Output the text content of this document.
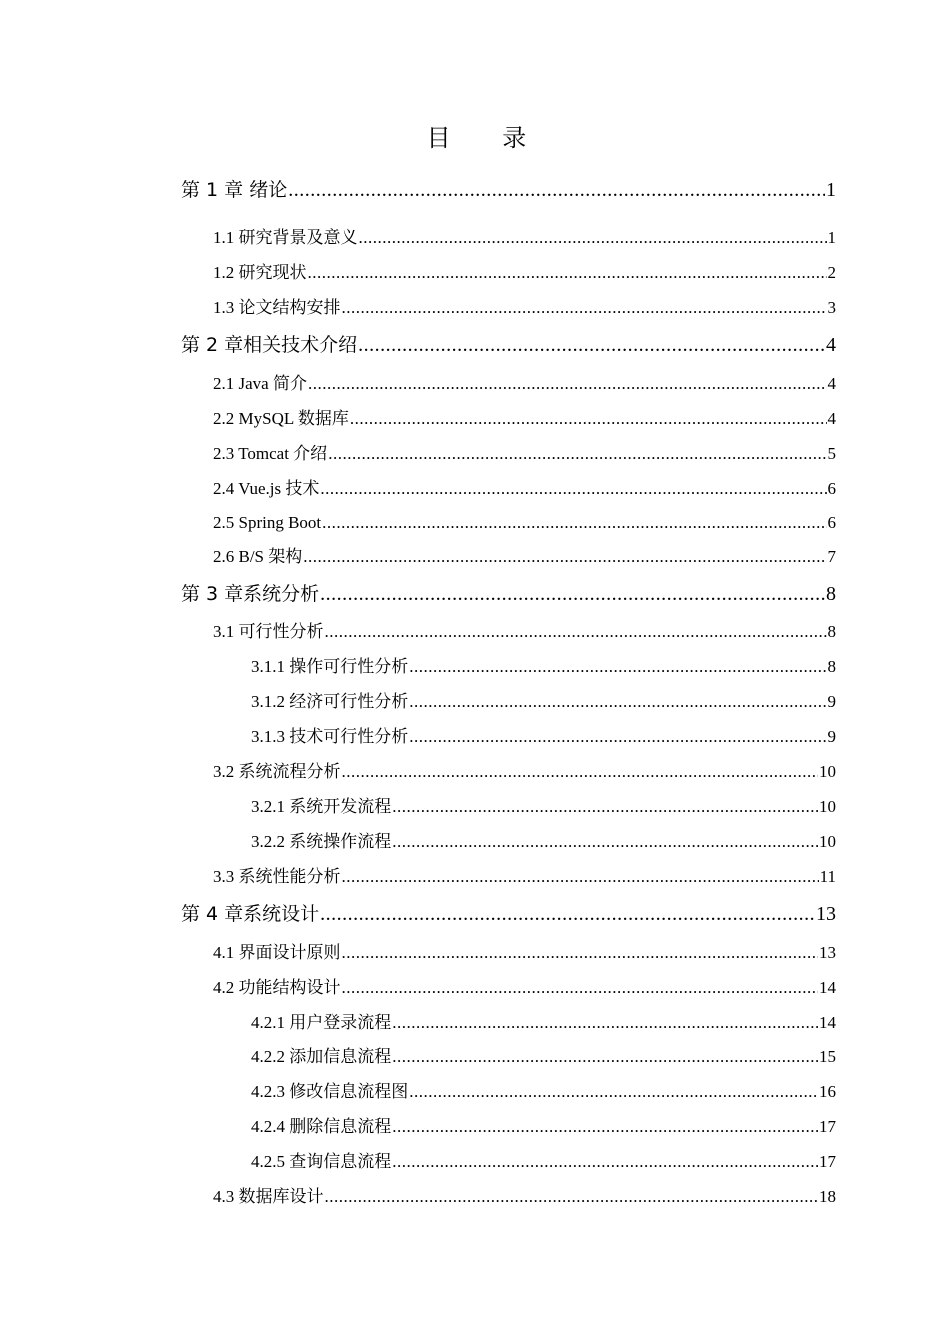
目 录
第 1 章 绪论 .....	1
1.1 研究背景及意义 .....	1
1.2 研究现状 .....	2
1.3 论文结构安排 .....	3
第 2 章相关技术介绍 .....	4
2.1 Java 简介 .....	4
2.2 MySQL 数据库 .....	4
2.3 Tomcat 介绍 .....	5
2.4 Vue.js 技术 .....	6
2.5 Spring Boot .....	6
2.6 B/S 架构 .....	7
第 3 章系统分析 .....	8
3.1 可行性分析 .....	8
3.1.1 操作可行性分析 .....	8
3.1.2 经济可行性分析 .....	9
3.1.3 技术可行性分析 .....	9
3.2 系统流程分析 .....	10
3.2.1 系统开发流程 .....	10
3.2.2 系统操作流程 .....	10
3.3 系统性能分析 .....	11
第 4 章系统设计 .....	13
4.1 界面设计原则 .....	13
4.2 功能结构设计 .....	14
4.2.1 用户登录流程 .....	14
4.2.2 添加信息流程 .....	15
4.2.3 修改信息流程图 .....	16
4.2.4 删除信息流程 .....	17
4.2.5 查询信息流程 .....	17
4.3 数据库设计 .....	18
